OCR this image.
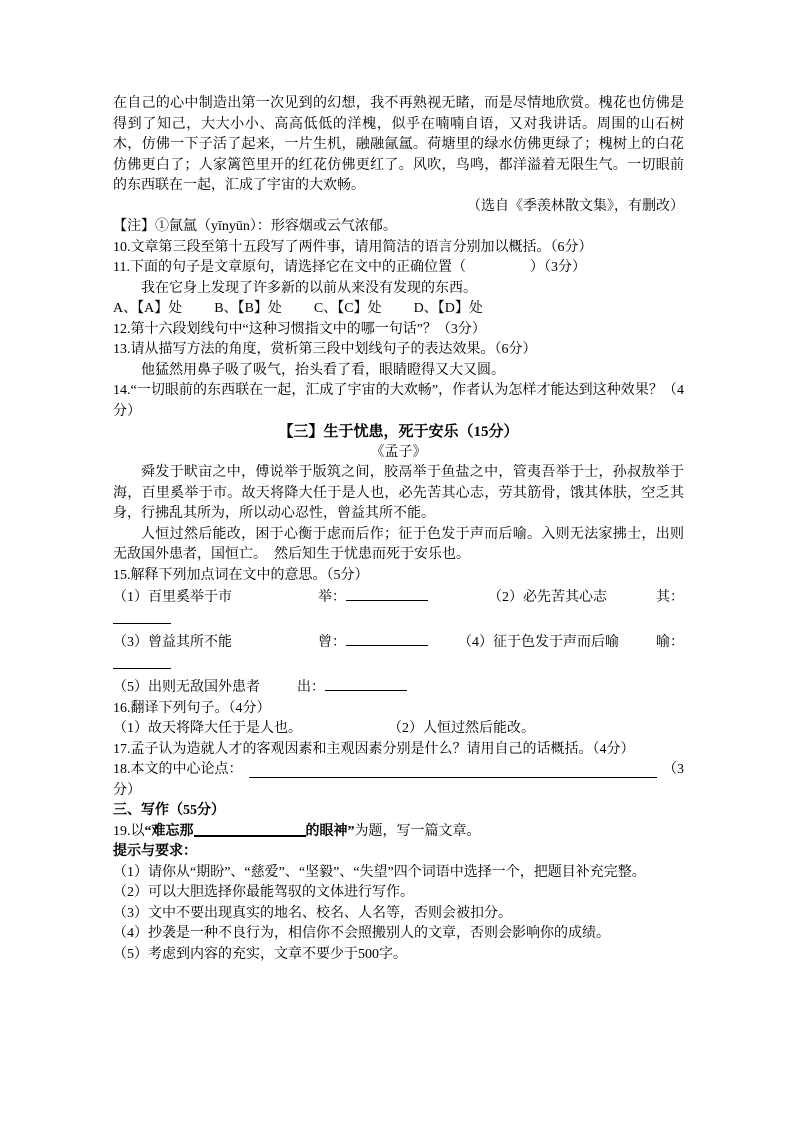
在自己的心中制造出第一次见到的幻想，我不再熟视无睹，而是尽情地欣赏。槐花也仿佛是得到了知己，大大小小、高高低低的洋槐，似乎在喃喃自语，又对我讲话。周围的山石树木，仿佛一下子活了起来，一片生机，融融氤氲。荷塘里的绿水仿佛更绿了；槐树上的白花仿佛更白了；人家篱笆里开的红花仿佛更红了。风吹，鸟鸣，都洋溢着无限生气。一切眼前的东西联在一起，汇成了宇宙的大欢畅。

（选自《季羡林散文集》，有删改）

【注】①氤氲（yīnyūn）：形容烟或云气浓郁。

10.文章第三段至第十五段写了两件事，请用简洁的语言分别加以概括。（6分）

11.下面的句子是文章原句，请选择它在文中的正确位置（	）（3分）

我在它身上发现了许多新的以前从来没有发现的东西。

A、【A】处 B、【B】处 C、【C】处 D、【D】处

12.第十六段划线句中“这种习惯指文中的哪一句话”？（3分）

13.请从描写方法的角度，赏析第三段中划线句子的表达效果。（6分）

他猛然用鼻子吸了吸气，抬头看了看，眼睛瞪得又大又圆。

14.“一切眼前的东西联在一起，汇成了宇宙的大欢畅”，作者认为怎样才能达到这种效果？（4分）

【三】生于忧患，死于安乐（15分）

《孟子》

舜发于畎亩之中，傅说举于版筑之间，胶鬲举于鱼盐之中，管夷吾举于士，孙叔敖举于海，百里奚举于市。故天将降大任于是人也，必先苦其心志，劳其筋骨，饿其体肤，空乏其身，行拂乱其所为，所以动心忍性，曾益其所不能。

人恒过然后能改，困于心衡于虑而后作；征于色发于声而后喻。入则无法家拂士，出则无敌国外患者，国恒亡。　然后知生于忧患而死于安乐也。

15.解释下列加点词在文中的意思。（5分）

（1）百里奚举于市	举：	（2）必先苦其心志	其：
（3）曾益其所不能	曾：	（4）征于色发于声而后喻	喻：
（5）出则无敌国外患者	出：

16.翻译下列句子。（4分）

（1）故天将降大任于是人也。	（2）人恒过然后能改。

17.孟子认为造就人才的客观因素和主观因素分别是什么？请用自己的话概括。（4分）

18.本文的中心论点：	（3

分）

三、写作（55分）

19.以“难忘那	的眼神”为题，写一篇文章。

提示与要求：

（1）请你从“期盼”、“慈爱”、“坚毅”、“失望”四个词语中选择一个，把题目补充完整。

（2）可以大胆选择你最能驾驭的文体进行写作。

（3）文中不要出现真实的地名、校名、人名等，否则会被扣分。

（4）抄袭是一种不良行为，相信你不会照搬别人的文章，否则会影响你的成绩。

（5）考虑到内容的充实，文章不要少于500字。
